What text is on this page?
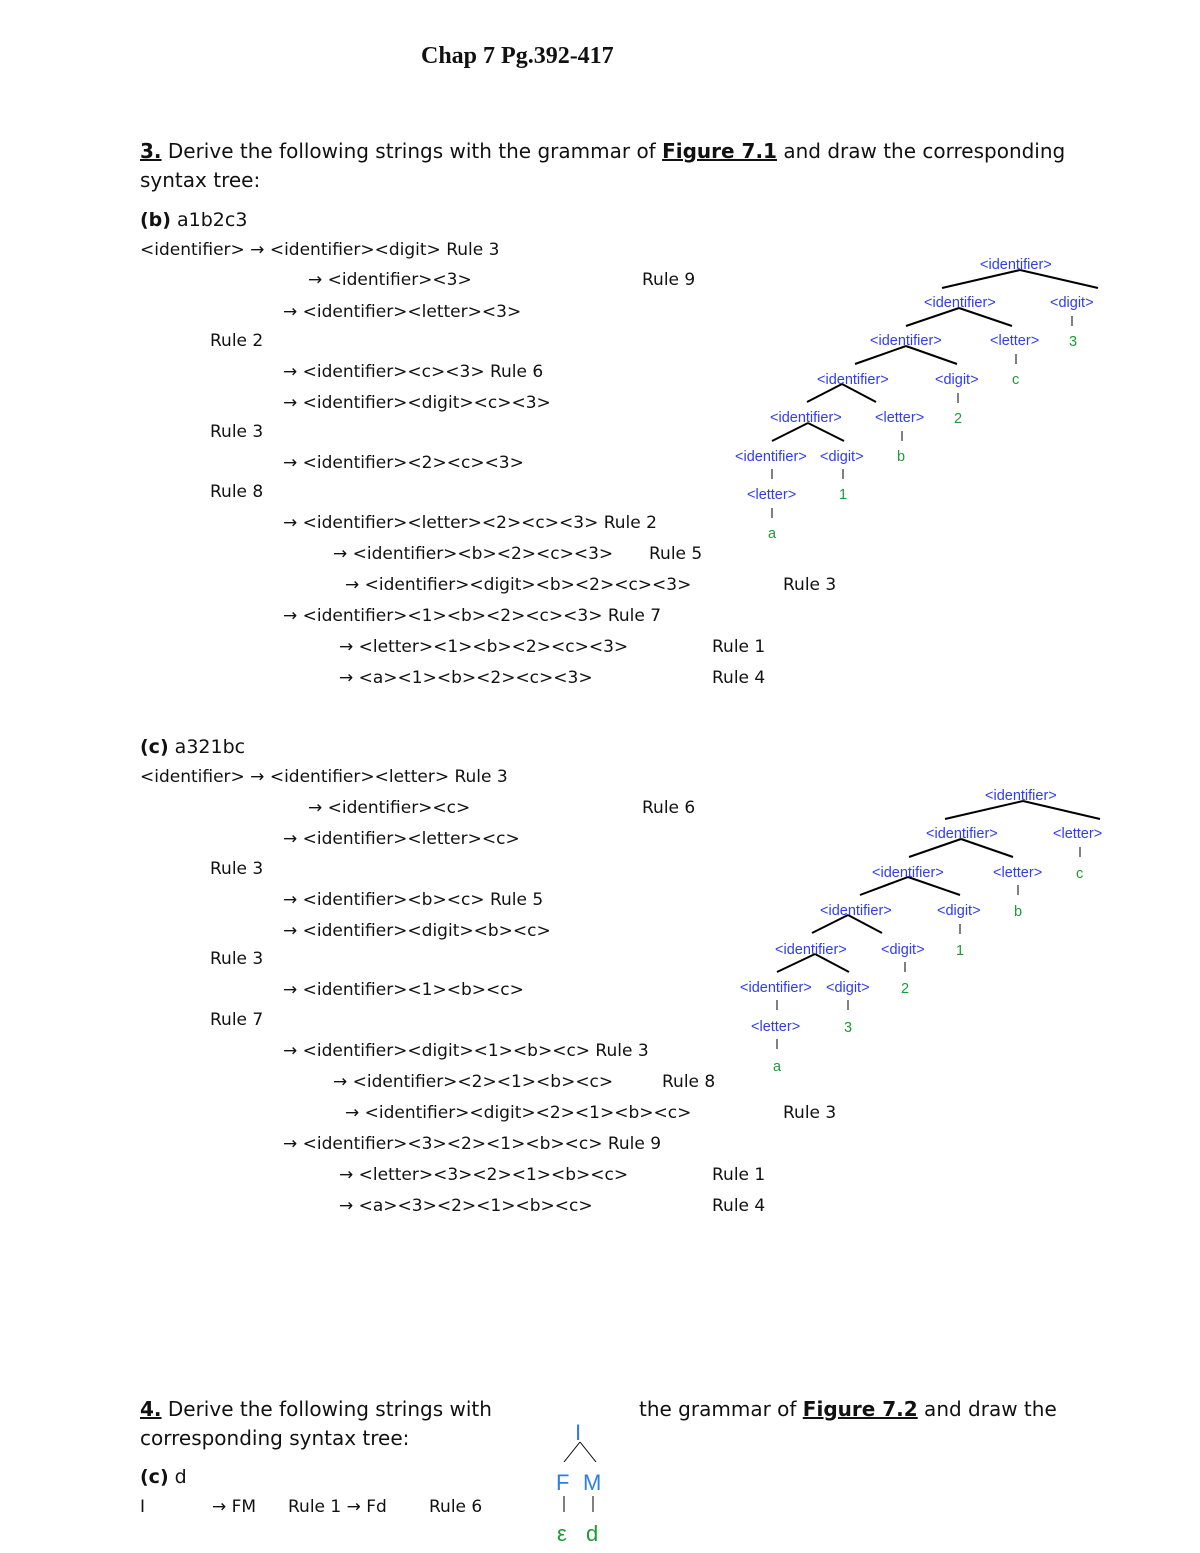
Chap 7 Pg.392-417
3. Derive the following strings with the grammar of Figure 7.1 and draw the corresponding
syntax tree:
(b) a1b2c3
<identifier> → <identifier><digit> Rule 3
→ <identifier><3>	Rule 9
→ <identifier><letter><3>
Rule 2
→ <identifier><c><3> Rule 6
→ <identifier><digit><c><3>
Rule 3
→ <identifier><2><c><3>
Rule 8
→ <identifier><letter><2><c><3> Rule 2
→ <identifier><b><2><c><3> Rule 5
→ <identifier><digit><b><2><c><3>	Rule 3
→ <identifier><1><b><2><c><3> Rule 7
→ <letter><1><b><2><c><3>	Rule 1
→ <a><1><b><2><c><3>	Rule 4
<identifier>
<identifier>	<digit>
<identifier>	<letter>
<identifier>	<digit>
<identifier> <letter>
<identifier> <digit>
<letter>
3
c
2
b
1
a
(c) a321bc
<identifier> → <identifier><letter> Rule 3
→ <identifier><c>	Rule 6
→ <identifier><letter><c>
Rule 3
→ <identifier><b><c> Rule 5
→ <identifier><digit><b><c>
Rule 3
→ <identifier><1><b><c>
Rule 7
→ <identifier><digit><1><b><c> Rule 3
→ <identifier><2><1><b><c>	Rule 8
→ <identifier><digit><2><1><b><c>	Rule 3
→ <identifier><3><2><1><b><c> Rule 9
→ <letter><3><2><1><b><c>	Rule 1
→ <a><3><2><1><b><c>	Rule 4
<identifier>
<identifier>	<letter>
<identifier>	<letter>
<identifier>	<digit>
<identifier> <digit>
<identifier> <digit>
<letter>
c
b
1
2
3
a
4. Derive the following strings with
corresponding syntax tree:
the grammar of Figure 7.2 and draw the
(c) d
I	→ FM Rule 1 → Fd Rule 6
I
F M
ε d
